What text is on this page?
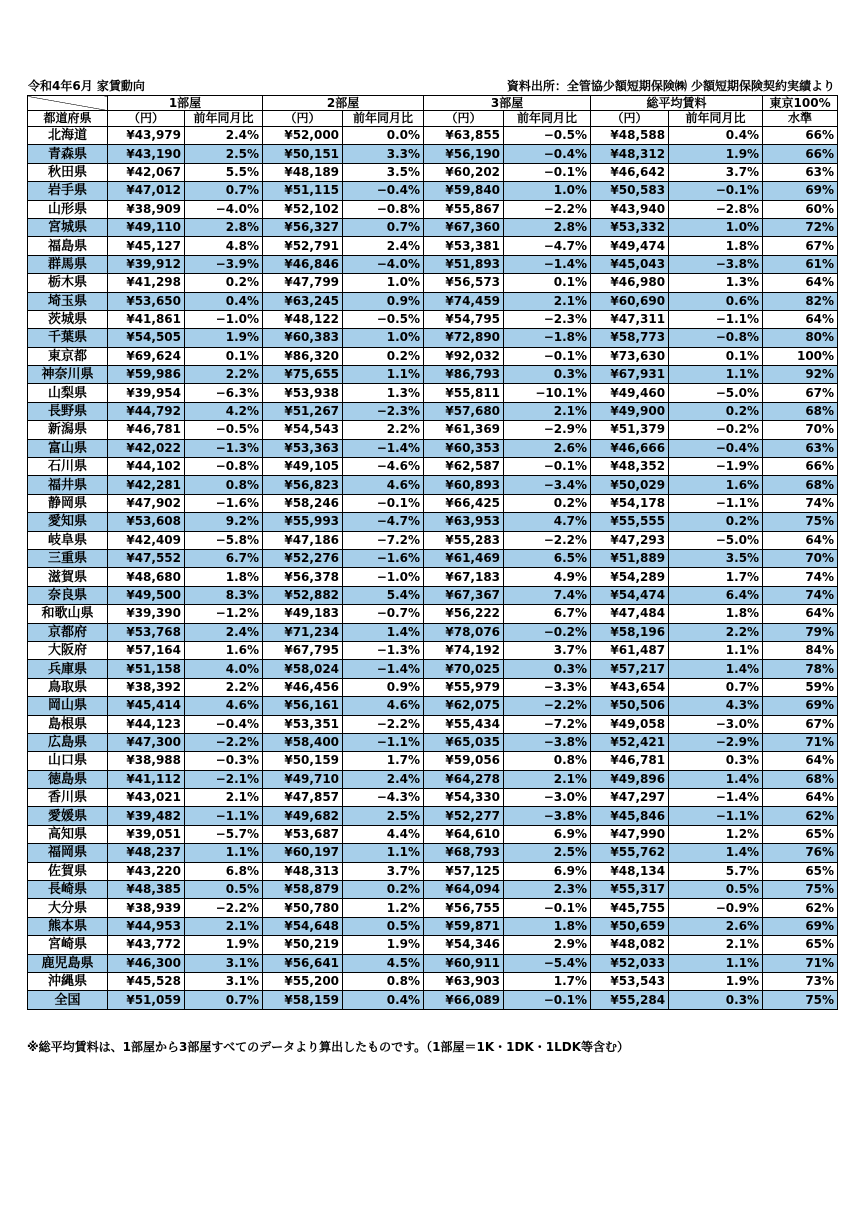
令和4年6月 家賃動向	資料出所：全管協少額短期保険㈱ 少額短期保険契約実績より
	1部屋		2部屋		3部屋		総平均賃料		東京100%
都道府県	（円）	前年同月比	（円）	前年同月比	（円）	前年同月比	（円）	前年同月比	水準
北海道	¥43,979	2.4%	¥52,000	0.0%	¥63,855	−0.5%	¥48,588	0.4%	66%
青森県	¥43,190	2.5%	¥50,151	3.3%	¥56,190	−0.4%	¥48,312	1.9%	66%
秋田県	¥42,067	5.5%	¥48,189	3.5%	¥60,202	−0.1%	¥46,642	3.7%	63%
岩手県	¥47,012	0.7%	¥51,115	−0.4%	¥59,840	1.0%	¥50,583	−0.1%	69%
山形県	¥38,909	−4.0%	¥52,102	−0.8%	¥55,867	−2.2%	¥43,940	−2.8%	60%
宮城県	¥49,110	2.8%	¥56,327	0.7%	¥67,360	2.8%	¥53,332	1.0%	72%
福島県	¥45,127	4.8%	¥52,791	2.4%	¥53,381	−4.7%	¥49,474	1.8%	67%
群馬県	¥39,912	−3.9%	¥46,846	−4.0%	¥51,893	−1.4%	¥45,043	−3.8%	61%
栃木県	¥41,298	0.2%	¥47,799	1.0%	¥56,573	0.1%	¥46,980	1.3%	64%
埼玉県	¥53,650	0.4%	¥63,245	0.9%	¥74,459	2.1%	¥60,690	0.6%	82%
茨城県	¥41,861	−1.0%	¥48,122	−0.5%	¥54,795	−2.3%	¥47,311	−1.1%	64%
千葉県	¥54,505	1.9%	¥60,383	1.0%	¥72,890	−1.8%	¥58,773	−0.8%	80%
東京都	¥69,624	0.1%	¥86,320	0.2%	¥92,032	−0.1%	¥73,630	0.1%	100%
神奈川県	¥59,986	2.2%	¥75,655	1.1%	¥86,793	0.3%	¥67,931	1.1%	92%
山梨県	¥39,954	−6.3%	¥53,938	1.3%	¥55,811	−10.1%	¥49,460	−5.0%	67%
長野県	¥44,792	4.2%	¥51,267	−2.3%	¥57,680	2.1%	¥49,900	0.2%	68%
新潟県	¥46,781	−0.5%	¥54,543	2.2%	¥61,369	−2.9%	¥51,379	−0.2%	70%
富山県	¥42,022	−1.3%	¥53,363	−1.4%	¥60,353	2.6%	¥46,666	−0.4%	63%
石川県	¥44,102	−0.8%	¥49,105	−4.6%	¥62,587	−0.1%	¥48,352	−1.9%	66%
福井県	¥42,281	0.8%	¥56,823	4.6%	¥60,893	−3.4%	¥50,029	1.6%	68%
静岡県	¥47,902	−1.6%	¥58,246	−0.1%	¥66,425	0.2%	¥54,178	−1.1%	74%
愛知県	¥53,608	9.2%	¥55,993	−4.7%	¥63,953	4.7%	¥55,555	0.2%	75%
岐阜県	¥42,409	−5.8%	¥47,186	−7.2%	¥55,283	−2.2%	¥47,293	−5.0%	64%
三重県	¥47,552	6.7%	¥52,276	−1.6%	¥61,469	6.5%	¥51,889	3.5%	70%
滋賀県	¥48,680	1.8%	¥56,378	−1.0%	¥67,183	4.9%	¥54,289	1.7%	74%
奈良県	¥49,500	8.3%	¥52,882	5.4%	¥67,367	7.4%	¥54,474	6.4%	74%
和歌山県	¥39,390	−1.2%	¥49,183	−0.7%	¥56,222	6.7%	¥47,484	1.8%	64%
京都府	¥53,768	2.4%	¥71,234	1.4%	¥78,076	−0.2%	¥58,196	2.2%	79%
大阪府	¥57,164	1.6%	¥67,795	−1.3%	¥74,192	3.7%	¥61,487	1.1%	84%
兵庫県	¥51,158	4.0%	¥58,024	−1.4%	¥70,025	0.3%	¥57,217	1.4%	78%
鳥取県	¥38,392	2.2%	¥46,456	0.9%	¥55,979	−3.3%	¥43,654	0.7%	59%
岡山県	¥45,414	4.6%	¥56,161	4.6%	¥62,075	−2.2%	¥50,506	4.3%	69%
島根県	¥44,123	−0.4%	¥53,351	−2.2%	¥55,434	−7.2%	¥49,058	−3.0%	67%
広島県	¥47,300	−2.2%	¥58,400	−1.1%	¥65,035	−3.8%	¥52,421	−2.9%	71%
山口県	¥38,988	−0.3%	¥50,159	1.7%	¥59,056	0.8%	¥46,781	0.3%	64%
徳島県	¥41,112	−2.1%	¥49,710	2.4%	¥64,278	2.1%	¥49,896	1.4%	68%
香川県	¥43,021	2.1%	¥47,857	−4.3%	¥54,330	−3.0%	¥47,297	−1.4%	64%
愛媛県	¥39,482	−1.1%	¥49,682	2.5%	¥52,277	−3.8%	¥45,846	−1.1%	62%
高知県	¥39,051	−5.7%	¥53,687	4.4%	¥64,610	6.9%	¥47,990	1.2%	65%
福岡県	¥48,237	1.1%	¥60,197	1.1%	¥68,793	2.5%	¥55,762	1.4%	76%
佐賀県	¥43,220	6.8%	¥48,313	3.7%	¥57,125	6.9%	¥48,134	5.7%	65%
長崎県	¥48,385	0.5%	¥58,879	0.2%	¥64,094	2.3%	¥55,317	0.5%	75%
大分県	¥38,939	−2.2%	¥50,780	1.2%	¥56,755	−0.1%	¥45,755	−0.9%	62%
熊本県	¥44,953	2.1%	¥54,648	0.5%	¥59,871	1.8%	¥50,659	2.6%	69%
宮崎県	¥43,772	1.9%	¥50,219	1.9%	¥54,346	2.9%	¥48,082	2.1%	65%
鹿児島県	¥46,300	3.1%	¥56,641	4.5%	¥60,911	−5.4%	¥52,033	1.1%	71%
沖縄県	¥45,528	3.1%	¥55,200	0.8%	¥63,903	1.7%	¥53,543	1.9%	73%
全国	¥51,059	0.7%	¥58,159	0.4%	¥66,089	−0.1%	¥55,284	0.3%	75%
※総平均賃料は、1部屋から3部屋すべてのデータより算出したものです。（1部屋＝1K・1DK・1LDK等含む）
